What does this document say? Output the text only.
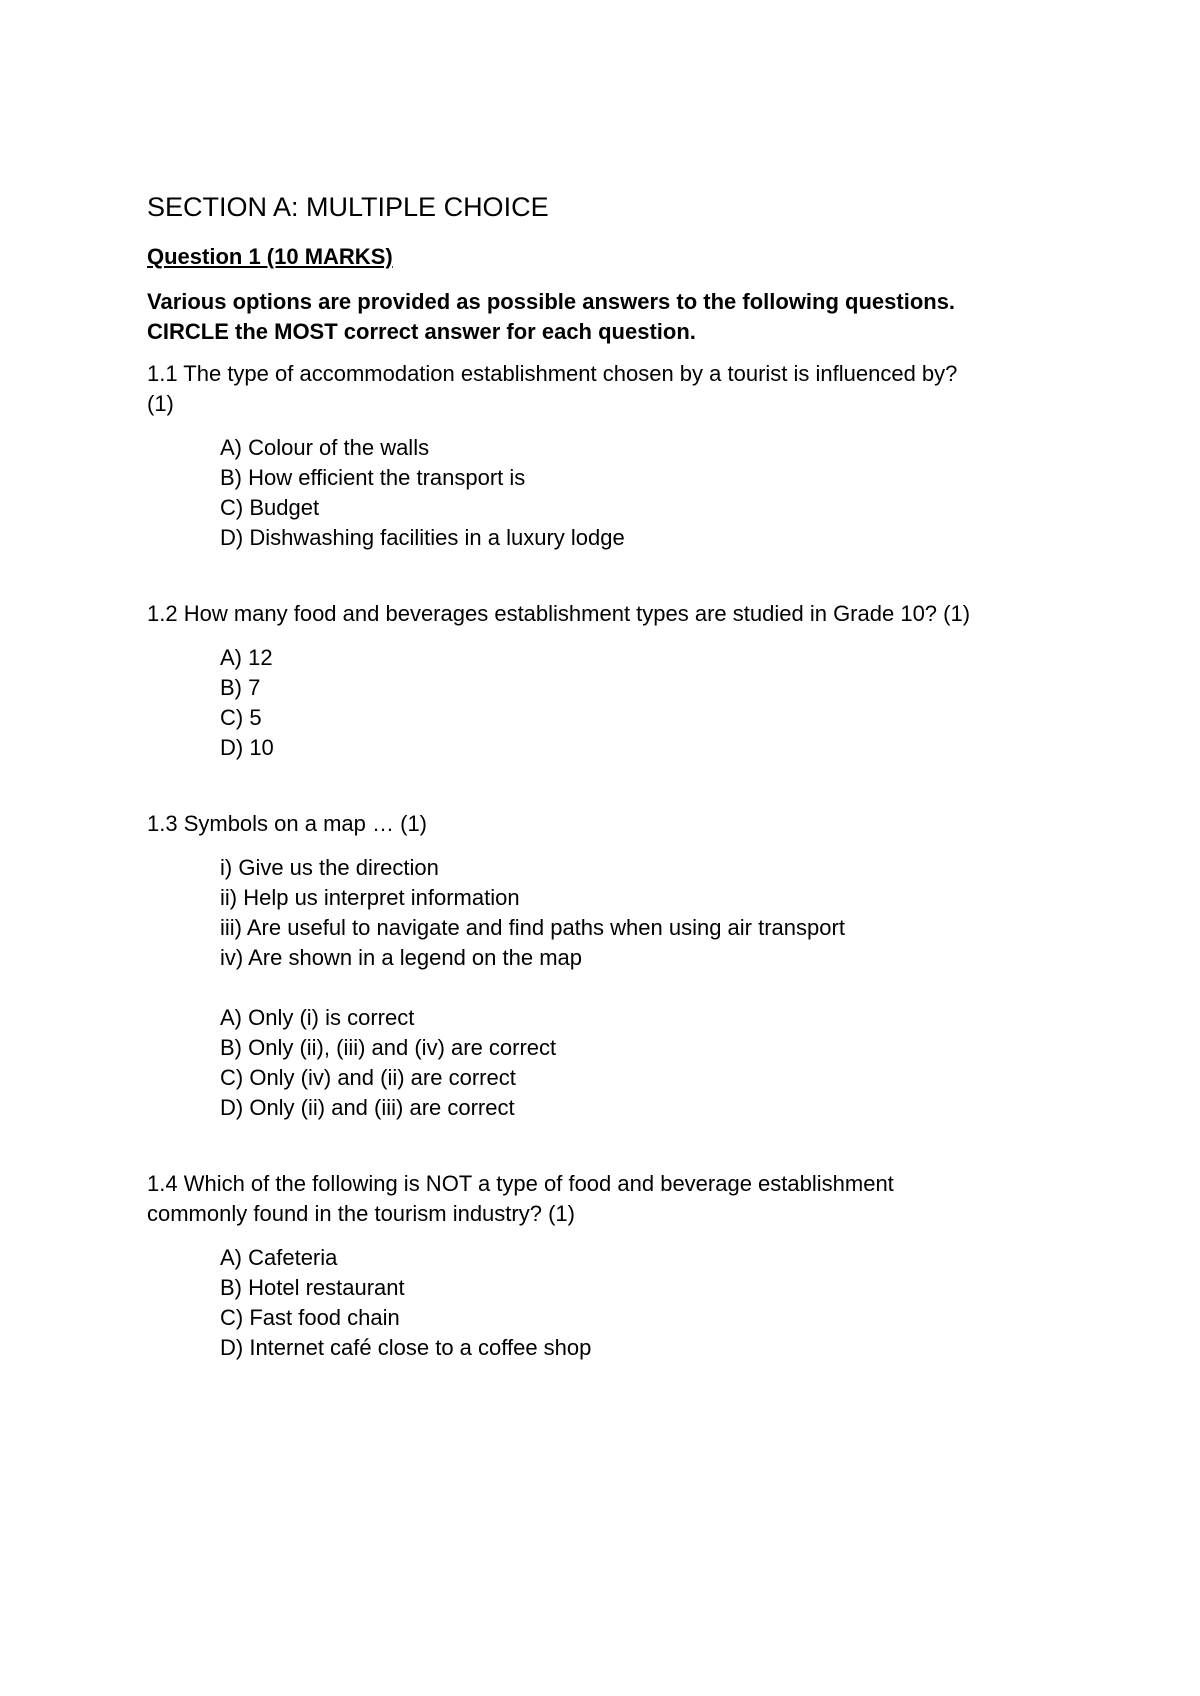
SECTION A: MULTIPLE CHOICE
Question 1 (10 MARKS)
Various options are provided as possible answers to the following questions.
CIRCLE the MOST correct answer for each question.
1.1 The type of accommodation establishment chosen by a tourist is influenced by?
(1)
A) Colour of the walls
B) How efficient the transport is
C) Budget
D) Dishwashing facilities in a luxury lodge
1.2 How many food and beverages establishment types are studied in Grade 10? (1)
A) 12
B) 7
C) 5
D) 10
1.3 Symbols on a map … (1)
i) Give us the direction
ii) Help us interpret information
iii) Are useful to navigate and find paths when using air transport
iv) Are shown in a legend on the map
A) Only (i) is correct
B) Only (ii), (iii) and (iv) are correct
C) Only (iv) and (ii) are correct
D) Only (ii) and (iii) are correct
1.4 Which of the following is NOT a type of food and beverage establishment
commonly found in the tourism industry? (1)
A) Cafeteria
B) Hotel restaurant
C) Fast food chain
D) Internet café close to a coffee shop
